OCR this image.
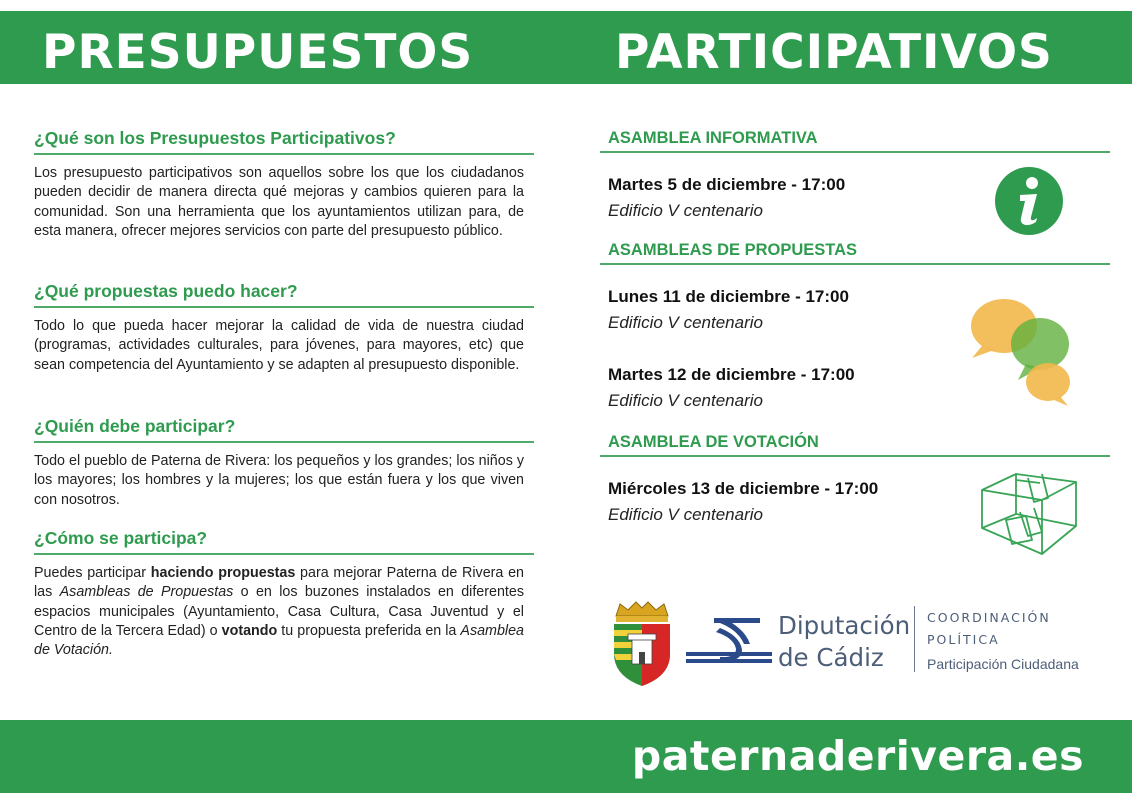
PRESUPUESTOS	PARTICIPATIVOS
¿Qué son los Presupuestos Participativos?
Los presupuesto participativos son aquellos sobre los que los ciudadanos pueden decidir de manera directa qué mejoras y cambios quieren para la comunidad. Son una herramienta que los ayuntamientos utilizan para, de esta manera, ofrecer mejores servicios con parte del presupuesto público.
¿Qué propuestas puedo hacer?
Todo lo que pueda hacer mejorar la calidad de vida de nuestra ciudad (programas, actividades culturales, para jóvenes, para mayores, etc) que sean competencia del Ayuntamiento y se adapten al presupuesto disponible.
¿Quién debe participar?
Todo el pueblo de Paterna de Rivera: los pequeños y los grandes; los niños y los mayores; los hombres y la mujeres; los que están fuera y los que viven con nosotros.
¿Cómo se participa?
Puedes participar haciendo propuestas para mejorar Paterna de Rivera en las Asambleas de Propuestas o en los buzones instalados en diferentes espacios municipales (Ayuntamiento, Casa Cultura, Casa Juventud y el Centro de la Tercera Edad) o votando tu propuesta preferida en la Asamblea de Votación.
ASAMBLEA INFORMATIVA
Martes 5 de diciembre - 17:00
Edificio V centenario
ASAMBLEAS DE PROPUESTAS
Lunes 11 de diciembre - 17:00
Edificio V centenario
Martes 12 de diciembre - 17:00
Edificio V centenario
ASAMBLEA DE VOTACIÓN
Miércoles 13 de diciembre - 17:00
Edificio V centenario
Diputación
de Cádiz
COORDINACIÓN
POLÍTICA
Participación Ciudadana
paternaderivera.es
